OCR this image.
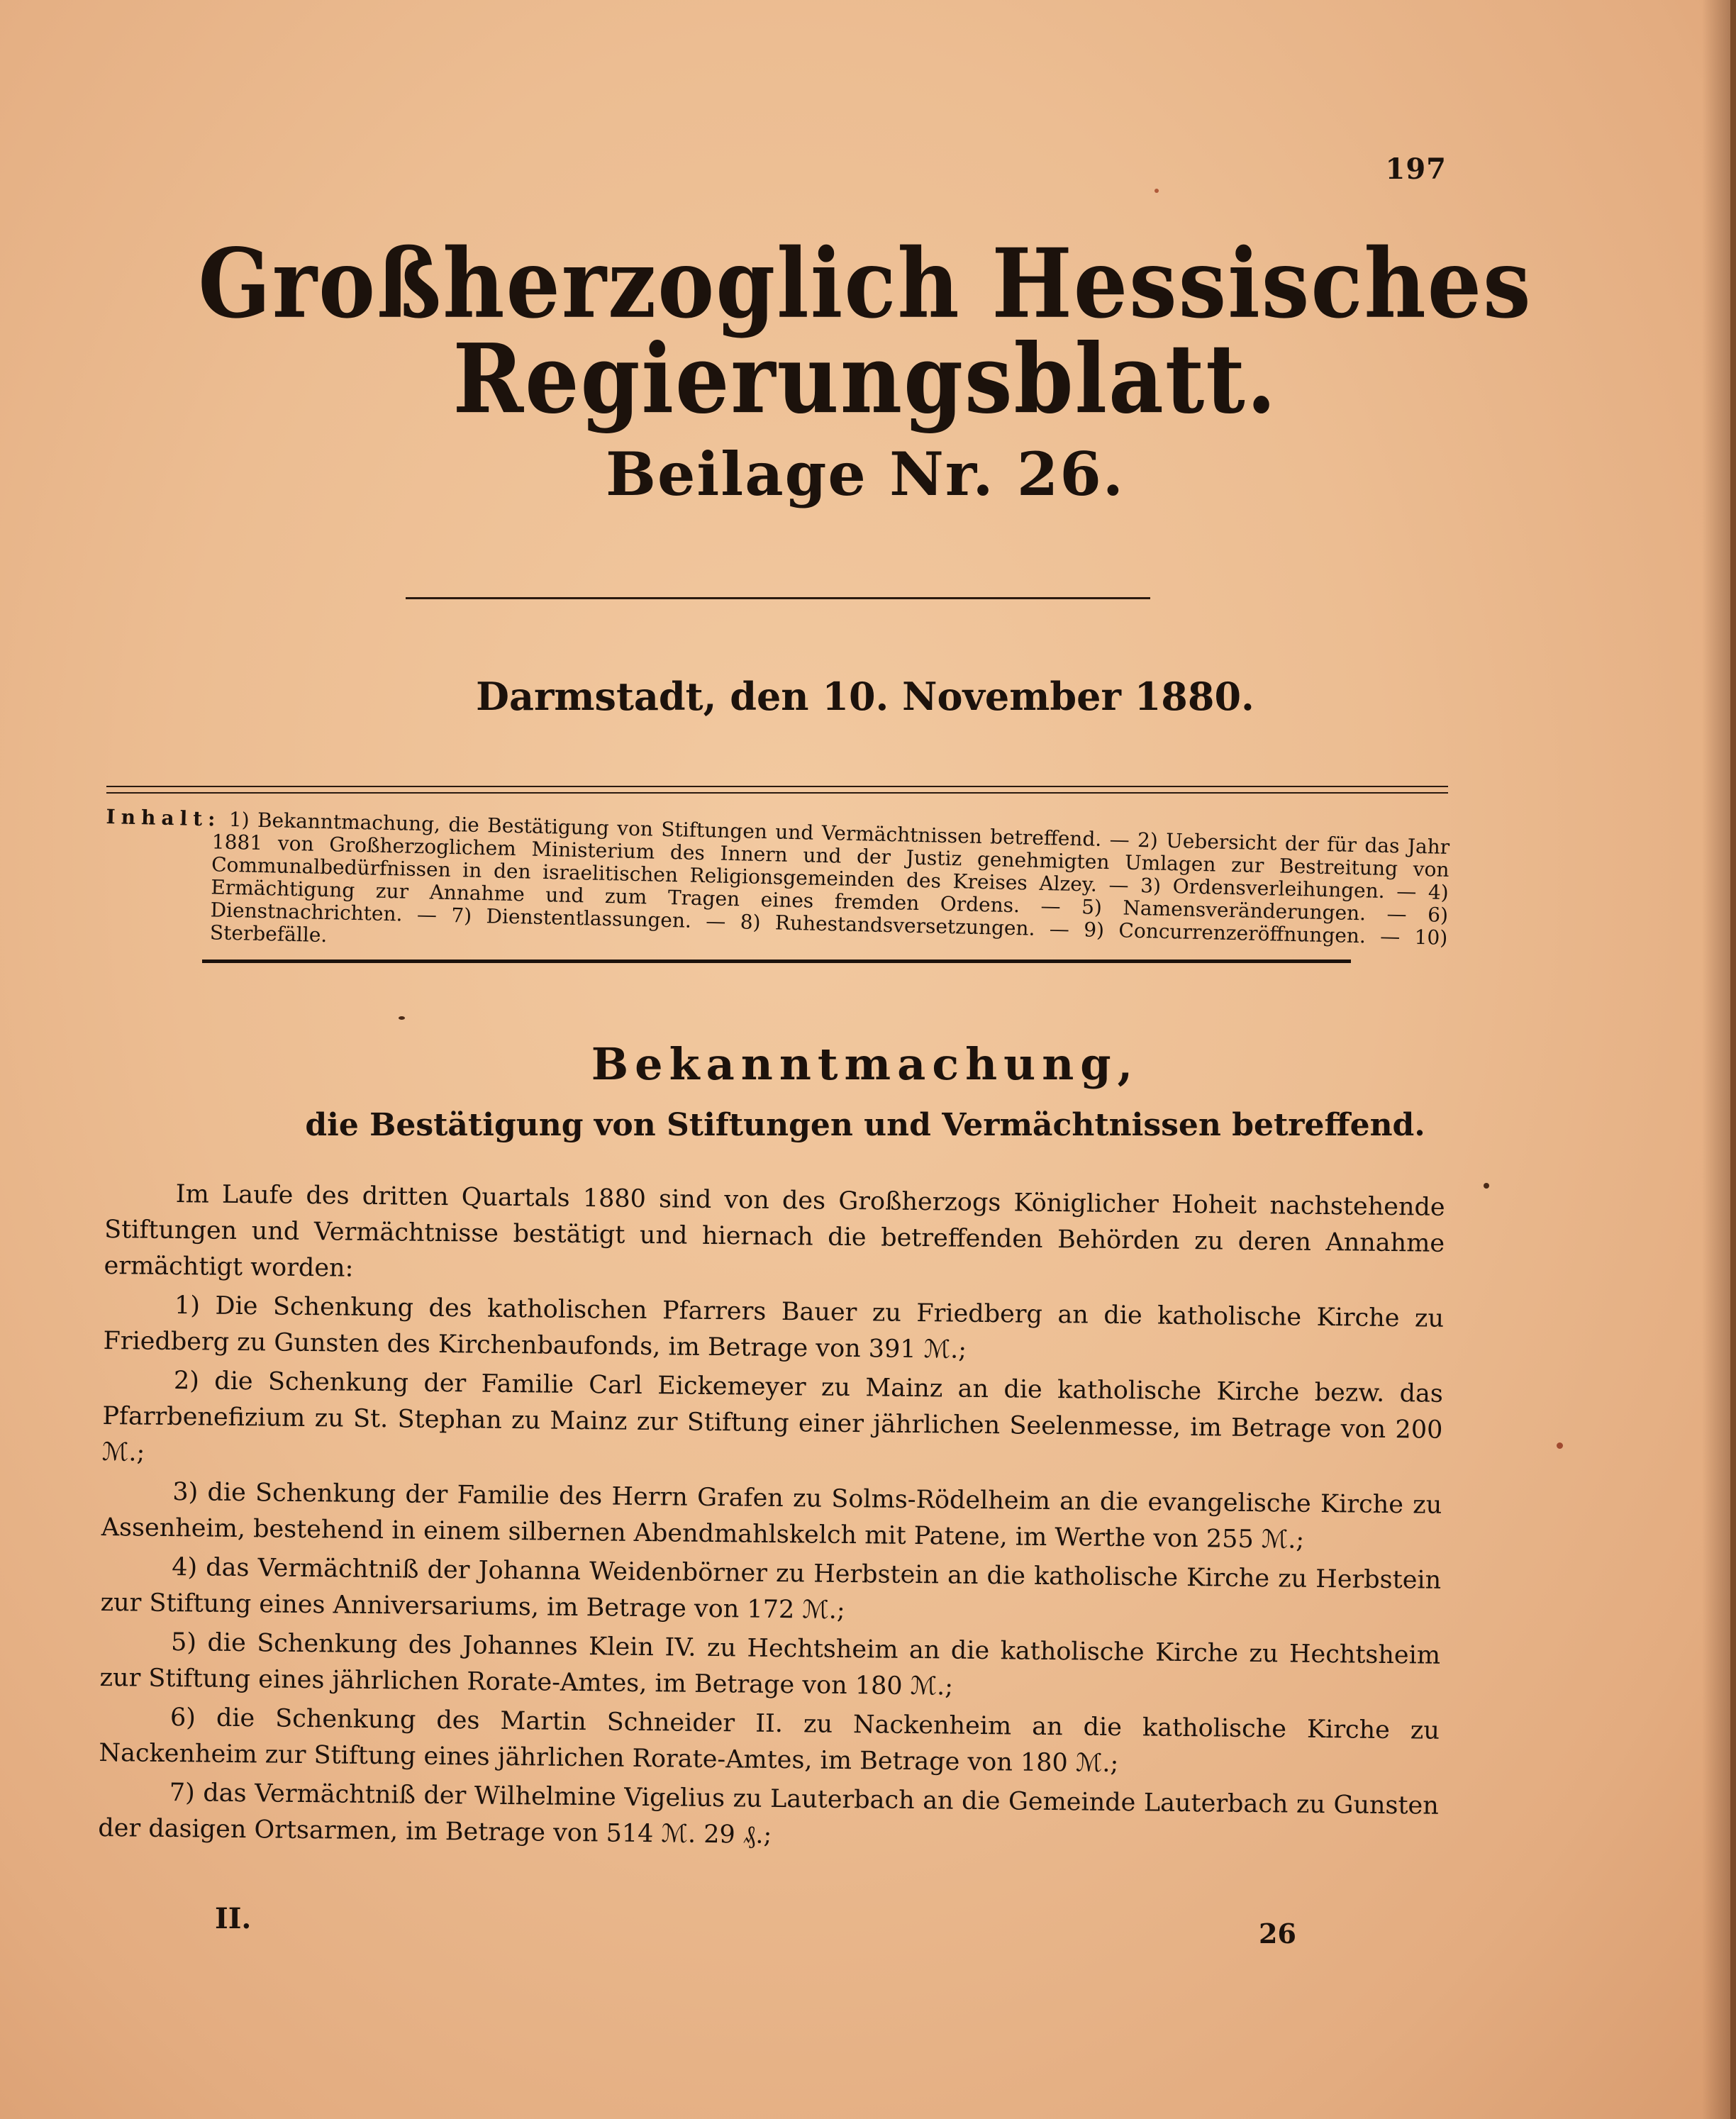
197
Großherzoglich Hessisches Regierungsblatt.
Beilage Nr. 26.
Darmstadt, den 10. November 1880.

Inhalt: 1) Bekanntmachung, die Bestätigung von Stiftungen und Vermächtnissen betreffend. — 2) Uebersicht der für das Jahr 1881 von Großherzoglichem Ministerium des Innern und der Justiz genehmigten Umlagen zur Bestreitung von Communalbedürfnissen in den israelitischen Religionsgemeinden des Kreises Alzey. — 3) Ordensverleihungen. — 4) Ermächtigung zur Annahme und zum Tragen eines fremden Ordens. — 5) Namensveränderungen. — 6) Dienstnachrichten. — 7) Dienstentlassungen. — 8) Ruhestandsversetzungen. — 9) Concurrenzeröffnungen. — 10) Sterbefälle.

Bekanntmachung,
die Bestätigung von Stiftungen und Vermächtnissen betreffend.

Im Laufe des dritten Quartals 1880 sind von des Großherzogs Königlicher Hoheit nachstehende Stiftungen und Vermächtnisse bestätigt und hiernach die betreffenden Behörden zu deren Annahme ermächtigt worden:

1) Die Schenkung des katholischen Pfarrers Bauer zu Friedberg an die katholische Kirche zu Friedberg zu Gunsten des Kirchenbaufonds, im Betrage von 391 ℳ.;

2) die Schenkung der Familie Carl Eickemeyer zu Mainz an die katholische Kirche bezw. das Pfarrbenefizium zu St. Stephan zu Mainz zur Stiftung einer jährlichen Seelenmesse, im Betrage von 200 ℳ.;

3) die Schenkung der Familie des Herrn Grafen zu Solms-Rödelheim an die evangelische Kirche zu Assenheim, bestehend in einem silbernen Abendmahlskelch mit Patene, im Werthe von 255 ℳ.;

4) das Vermächtniß der Johanna Weidenbörner zu Herbstein an die katholische Kirche zu Herbstein zur Stiftung eines Anniversariums, im Betrage von 172 ℳ.;

5) die Schenkung des Johannes Klein IV. zu Hechtsheim an die katholische Kirche zu Hechtsheim zur Stiftung eines jährlichen Rorate-Amtes, im Betrage von 180 ℳ.;

6) die Schenkung des Martin Schneider II. zu Nackenheim an die katholische Kirche zu Nackenheim zur Stiftung eines jährlichen Rorate-Amtes, im Betrage von 180 ℳ.;

7) das Vermächtniß der Wilhelmine Vigelius zu Lauterbach an die Gemeinde Lauterbach zu Gunsten der dasigen Ortsarmen, im Betrage von 514 ℳ. 29 ₰.;

II.	26
